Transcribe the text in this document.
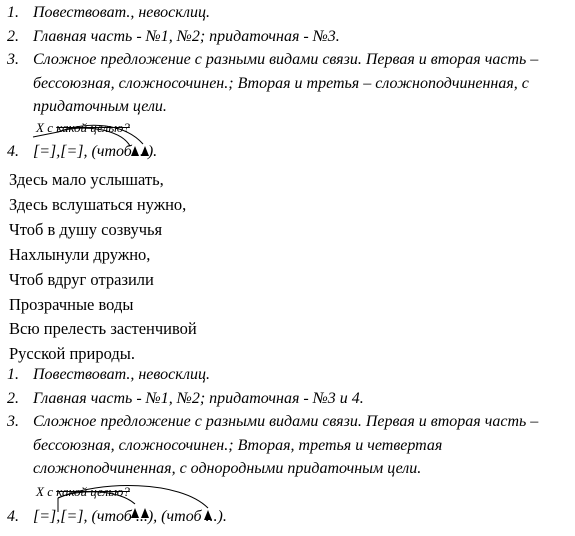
1. Повествоват., невосклиц.
2. Главная часть - №1, №2; придаточная - №3.
3. Сложное предложение с разными видами связи. Первая и вторая часть – бессоюзная, сложносочинен.; Вторая и третья – сложноподчиненная, с придаточным цели.
X с какой целью?
4. [=],[=], (чтоб ...).
Здесь мало услышать,
Здесь вслушаться нужно,
Чтоб в душу созвучья
Нахлынули дружно,
Чтоб вдруг отразили
Прозрачные воды
Всю прелесть застенчивой
Русской природы.
1. Повествоват., невосклиц.
2. Главная часть - №1, №2; придаточная - №3 и 4.
3. Сложное предложение с разными видами связи. Первая и вторая часть – бессоюзная, сложносочинен.; Вторая, третья и четвертая сложноподчиненная, с однородными придаточным цели.
X с какой целью?
4. [=],[=], (чтоб ...), (чтоб ...).
